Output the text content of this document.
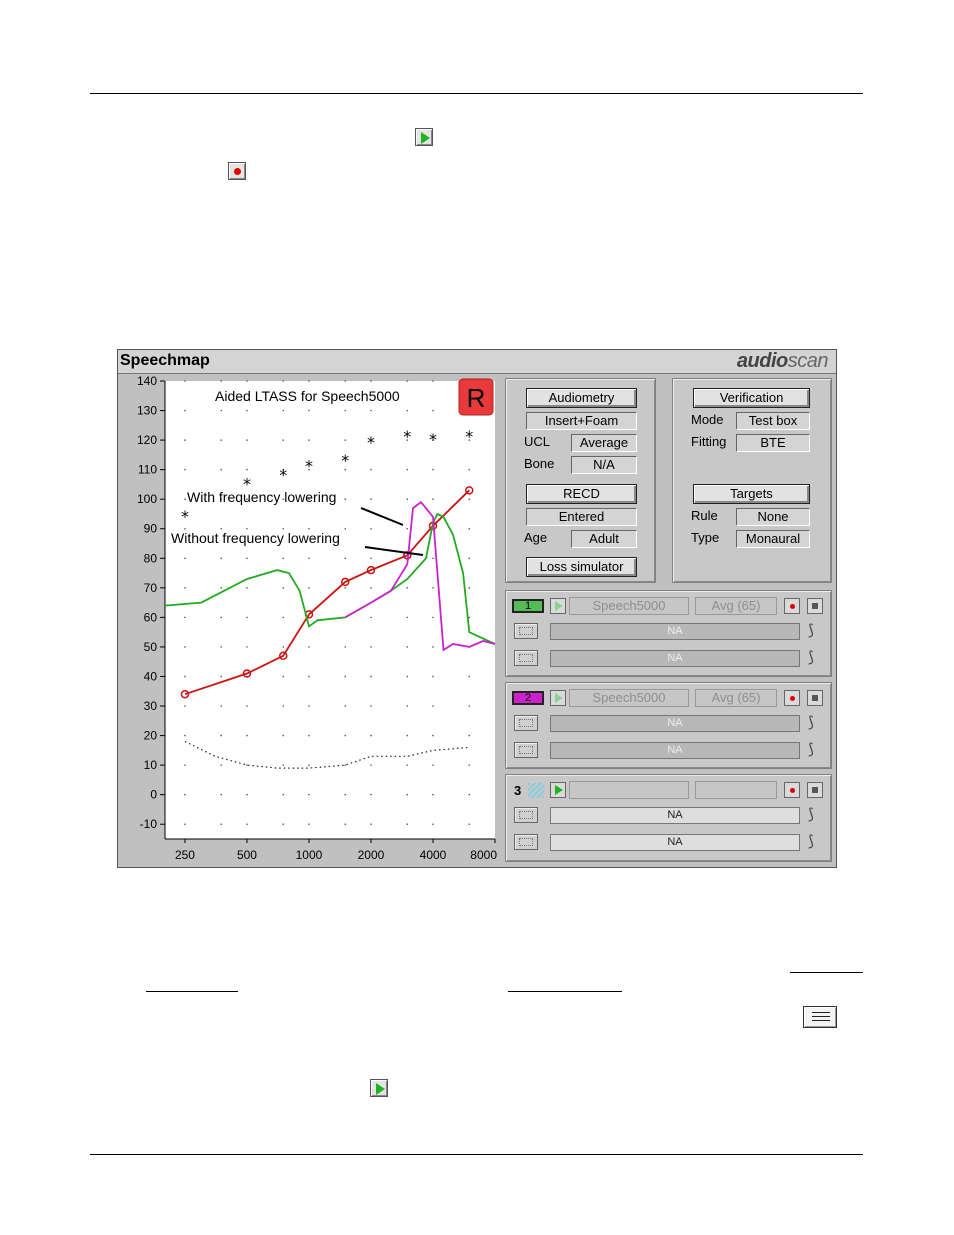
Speechmap	audioscan
140
130
120
110
100
90
80
70
60
50
40
30
20
10
0
-10
250	500	1000	2000	4000 8000
Aided LTASS for Speech5000	R
*
* * * *
* * * *
With frequency lowering
Without frequency lowering
Audiometry
Insert+Foam
UCL	Average
Bone	N/A
RECD
Entered
Age	Adult
Loss simulator
Verification
Mode	Test box
Fitting	BTE
Targets
Rule	None
Type	Monaural
1	Speech5000	Avg (65)
NA	⟆
NA	⟆
2	Speech5000	Avg (65)
NA	⟆
NA	⟆
3
NA	⟆
NA	⟆
